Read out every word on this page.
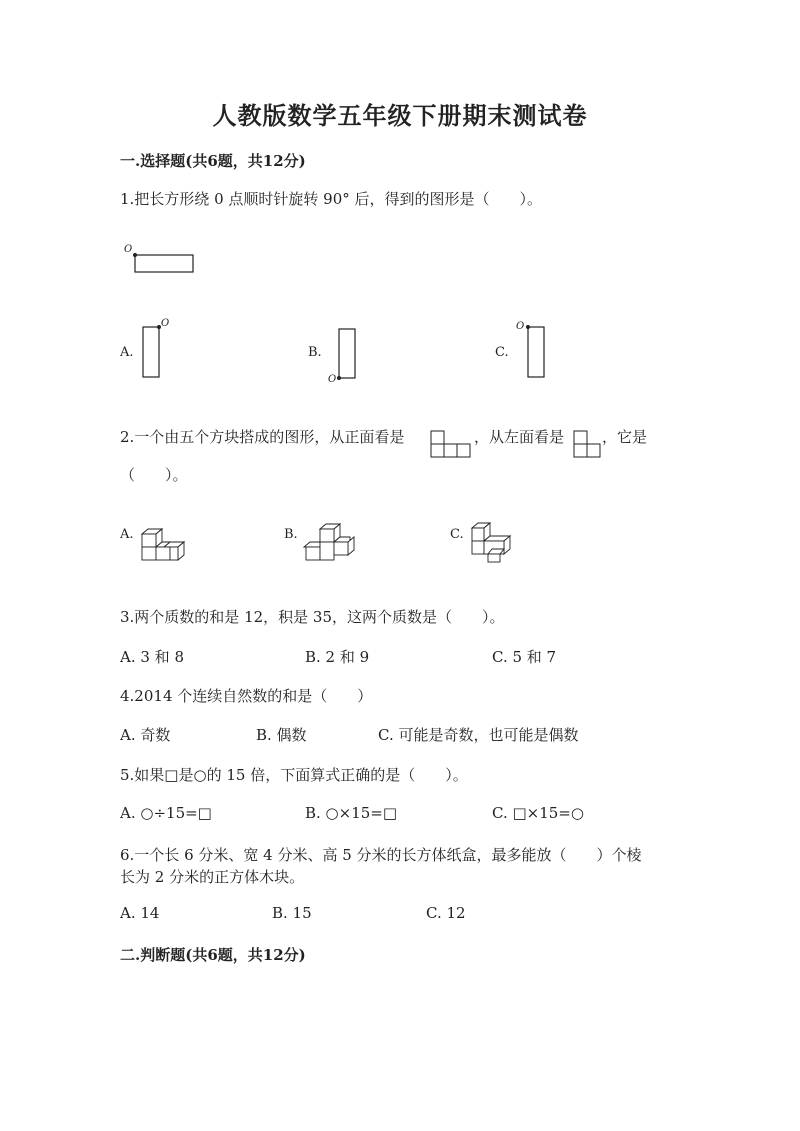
人教版数学五年级下册期末测试卷
一.选择题(共6题，共12分)
1.把长方形绕 0 点顺时针旋转 90° 后，得到的图形是（　　）。
O
A.
O
B.
O
C.
O
2.一个由五个方块搭成的图形，从正面看是	，从左面看是	，它是
（　　）。
A.	B.	C.
3.两个质数的和是 12，积是 35，这两个质数是（　　）。
A. 3 和 8	B. 2 和 9	C. 5 和 7
4.2014 个连续自然数的和是（　　）
A. 奇数	B. 偶数	C. 可能是奇数，也可能是偶数
5.如果□是○的 15 倍，下面算式正确的是（　　）。
A. ○÷15=□	B. ○×15=□	C. □×15=○
6.一个长 6 分米、宽 4 分米、高 5 分米的长方体纸盒，最多能放（　　）个棱
长为 2 分米的正方体木块。
A. 14	B. 15	C. 12
二.判断题(共6题，共12分)
